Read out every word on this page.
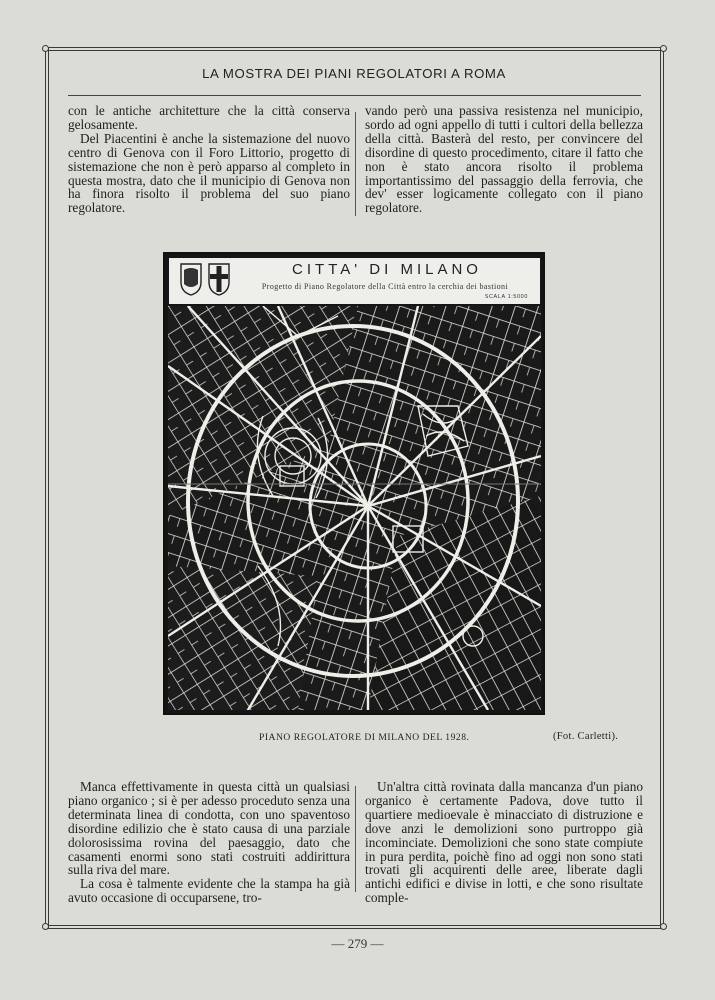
LA MOSTRA DEI PIANI REGOLATORI A ROMA

con le antiche architetture che la città conserva gelosamente.

Del Piacentini è anche la sistemazione del nuovo centro di Genova con il Foro Littorio, progetto di sistemazione che non è però apparso al completo in questa mostra, dato che il municipio di Genova non ha finora risolto il problema del suo piano regolatore.

vando però una passiva resistenza nel municipio, sordo ad ogni appello di tutti i cultori della bellezza della città. Basterà del resto, per convincere del disordine di questo procedimento, citare il fatto che non è stato ancora risolto il problema importantissimo del passaggio della ferrovia, che dev' esser logicamente collegato con il piano regolatore.

CITTA' DI MILANO
Progetto di Piano Regolatore della Città entro la cerchia dei bastioni
SCALA 1:5000
PIANO REGOLATORE DI MILANO DEL 1928.	(Fot. Carletti).

Manca effettivamente in questa città un qualsiasi piano organico ; si è per adesso proceduto senza una determinata linea di condotta, con uno spaventoso disordine edilizio che è stato causa di una parziale dolorosissima rovina del paesaggio, dato che casamenti enormi sono stati costruiti addirittura sulla riva del mare.

La cosa è talmente evidente che la stampa ha già avuto occasione di occuparsene, tro-

Un'altra città rovinata dalla mancanza d'un piano organico è certamente Padova, dove tutto il quartiere medioevale è minacciato di distruzione e dove anzi le demolizioni sono purtroppo già incominciate. Demolizioni che sono state compiute in pura perdita, poichè fino ad oggi non sono stati trovati gli acquirenti delle aree, liberate dagli antichi edifici e divise in lotti, e che sono risultate comple-

— 279 —
